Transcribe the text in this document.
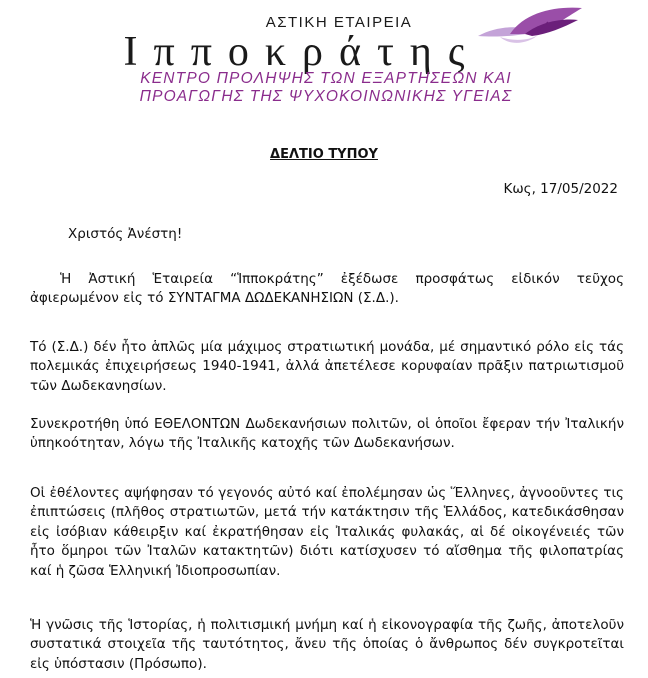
ΑΣΤΙΚΗ ΕΤΑΙΡΕΙΑ
Ιπποκράτης
ΚΕΝΤΡΟ ΠΡΟΛΗΨΗΣ ΤΩΝ ΕΞΑΡΤΗΣΕΩΝ ΚΑΙ
ΠΡΟΑΓΩΓΗΣ ΤΗΣ ΨΥΧΟΚΟΙΝΩΝΙΚΗΣ ΥΓΕΙΑΣ
ΔΕΛΤΙΟ ΤΥΠΟΥ
Κως, 17/05/2022
Χριστός Ἀνέστη!

Ἡ Ἀστική Ἑταιρεία “Ἱπποκράτης” ἐξέδωσε προσφάτως εἰδικόν τεῦχος ἀφιερωμένον εἰς τό ΣΥΝΤΑΓΜΑ ΔΩΔΕΚΑΝΗΣΙΩΝ (Σ.Δ.).

Τό (Σ.Δ.) δέν ἦτο ἁπλῶς μία μάχιμος στρατιωτική μονάδα, μέ σημαντικό ρόλο εἰς τάς πολεμικάς ἐπιχειρήσεως 1940-1941, ἀλλά ἀπετέλεσε κορυφαίαν πρᾶξιν πατριωτισμοῦ τῶν Δωδεκανησίων.

Συνεκροτήθη ὑπό ΕΘΕΛΟΝΤΩΝ Δωδεκανήσιων πολιτῶν, οἱ ὁποῖοι ἔφεραν τήν Ἰταλικήν ὑπηκοότηταν, λόγω τῆς Ἰταλικῆς κατοχῆς τῶν Δωδεκανήσων.

Οἱ ἐθέλοντες αψήφησαν τό γεγονός αὐτό καί ἐπολέμησαν ὡς Ἕλληνες, ἀγνοοῦντες τις ἐπιπτώσεις (πλῆθος στρατιωτῶν, μετά τήν κατάκτησιν τῆς Ἑλλάδος, κατεδικάσθησαν εἰς ἰσόβιαν κάθειρξιν καί ἐκρατήθησαν εἰς Ἰταλικάς φυλακάς, αἱ δέ οἰκογένειές τῶν ἦτο ὅμηροι τῶν Ἰταλῶν κατακτητῶν) διότι κατίσχυσεν τό αἴσθημα τῆς φιλοπατρίας καί ἡ ζῶσα Ἑλληνική Ἰδιοπροσωπίαν.

Ἡ γνῶσις τῆς Ἱστορίας, ἡ πολιτισμική μνήμη καί ἡ εἰκονογραφία τῆς ζωῆς, ἀποτελοῦν συστατικά στοιχεῖα τῆς ταυτότητος, ἄνευ τῆς ὁποίας ὁ ἄνθρωπος δέν συγκροτεῖται εἰς ὑπόστασιν (Πρόσωπο).
